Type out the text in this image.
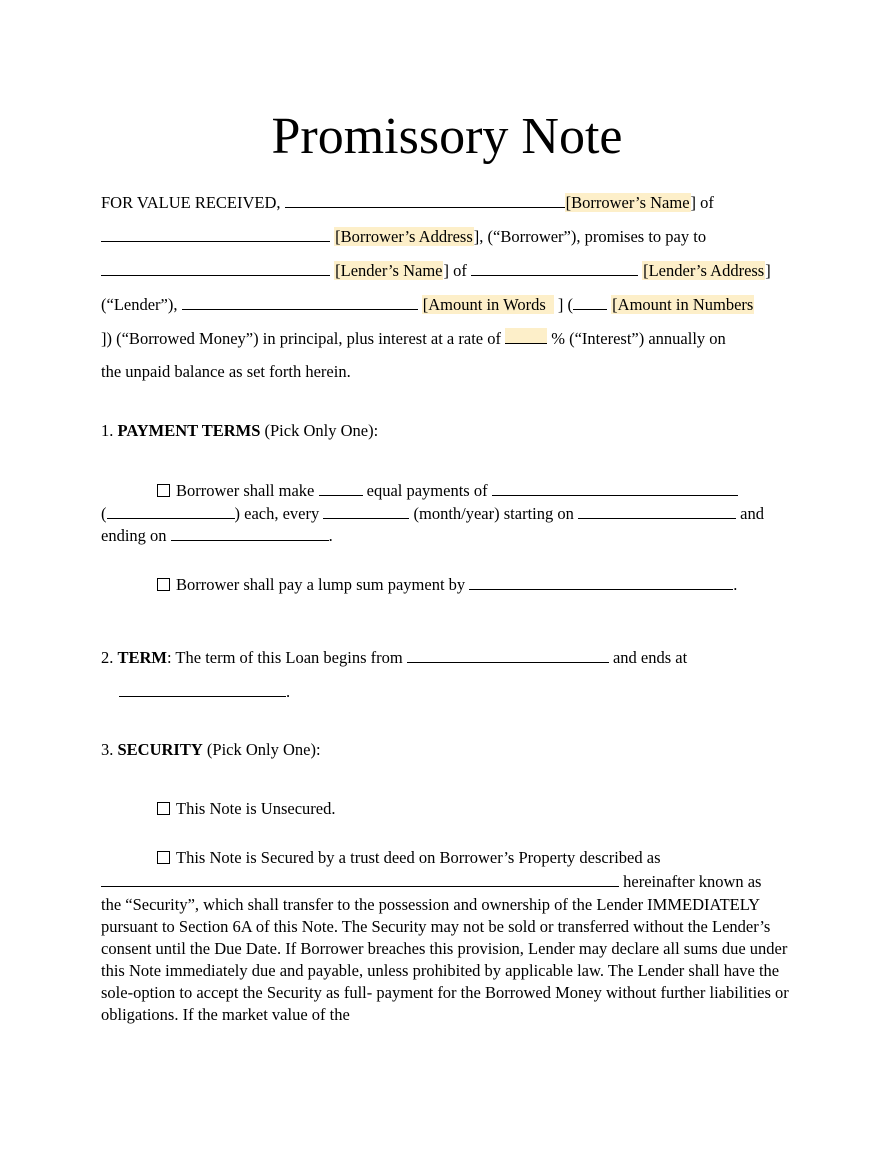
Promissory Note
FOR VALUE RECEIVED,	[Borrower’s Name] of
[Borrower’s Address], (“Borrower”), promises to pay to
[Lender’s Name] of	[Lender’s Address]
(“Lender”),	[Amount in Words ] ( [Amount in Numbers
]) (“Borrowed Money”) in principal, plus interest at a rate of	% (“Interest”) annually on
the unpaid balance as set forth herein.
1. PAYMENT TERMS (Pick Only One):
Borrower shall make	equal payments of
(	) each, every	(month/year) starting on	and
ending on	.
Borrower shall pay a lump sum payment by	.
2. TERM: The term of this Loan begins from	and ends at
.
3. SECURITY (Pick Only One):
This Note is Unsecured.
This Note is Secured by a trust deed on Borrower’s Property described as
hereinafter known as
the “Security”, which shall transfer to the possession and ownership of the Lender IMMEDIATELY pursuant to Section 6A of this Note. The Security may not be sold or transferred without the Lender’s consent until the Due Date. If Borrower breaches this provision, Lender may declare all sums due under this Note immediately due and payable, unless prohibited by applicable law. The Lender shall have the sole-option to accept the Security as full- payment for the Borrowed Money without further liabilities or obligations. If the market value of the
